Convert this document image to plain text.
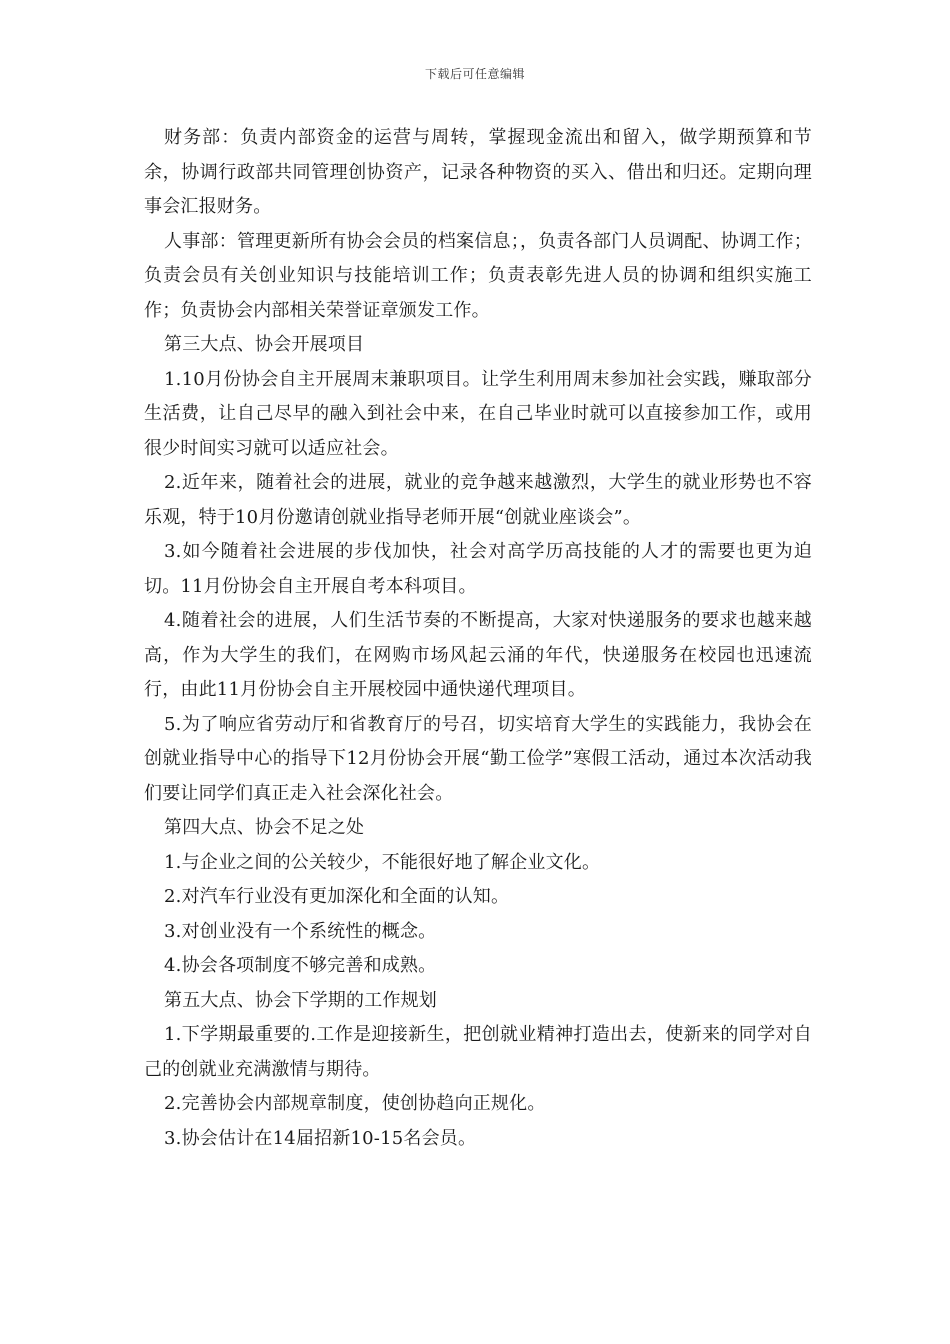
下载后可任意编辑

财务部：负责内部资金的运营与周转，掌握现金流出和留入，做学期预算和节余，协调行政部共同管理创协资产，记录各种物资的买入、借出和归还。定期向理事会汇报财务。

人事部：管理更新所有协会会员的档案信息；，负责各部门人员调配、协调工作；负责会员有关创业知识与技能培训工作；负责表彰先进人员的协调和组织实施工作；负责协会内部相关荣誉证章颁发工作。

第三大点、协会开展项目

1.10月份协会自主开展周末兼职项目。让学生利用周末参加社会实践，赚取部分生活费，让自己尽早的融入到社会中来，在自己毕业时就可以直接参加工作，或用很少时间实习就可以适应社会。

2.近年来，随着社会的进展，就业的竞争越来越激烈，大学生的就业形势也不容乐观，特于10月份邀请创就业指导老师开展“创就业座谈会”。

3.如今随着社会进展的步伐加快，社会对高学历高技能的人才的需要也更为迫切。11月份协会自主开展自考本科项目。

4.随着社会的进展，人们生活节奏的不断提高，大家对快递服务的要求也越来越高，作为大学生的我们，在网购市场风起云涌的年代，快递服务在校园也迅速流行，由此11月份协会自主开展校园中通快递代理项目。

5.为了响应省劳动厅和省教育厅的号召，切实培育大学生的实践能力，我协会在创就业指导中心的指导下12月份协会开展“勤工俭学”寒假工活动，通过本次活动我们要让同学们真正走入社会深化社会。

第四大点、协会不足之处

1.与企业之间的公关较少，不能很好地了解企业文化。

2.对汽车行业没有更加深化和全面的认知。

3.对创业没有一个系统性的概念。

4.协会各项制度不够完善和成熟。

第五大点、协会下学期的工作规划

1.下学期最重要的.工作是迎接新生，把创就业精神打造出去，使新来的同学对自己的创就业充满激情与期待。

2.完善协会内部规章制度，使创协趋向正规化。

3.协会估计在14届招新10-15名会员。
